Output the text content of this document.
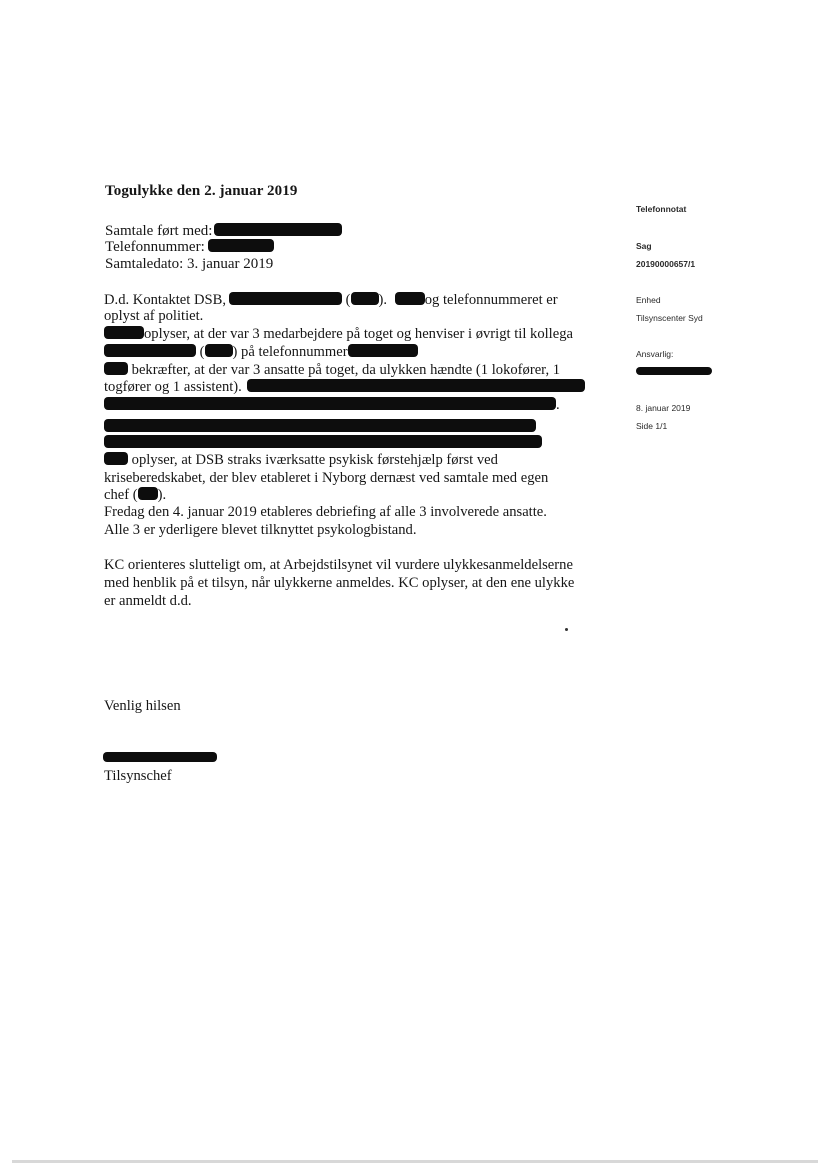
Togulykke den 2. januar 2019
Samtale ført med:
Telefonnummer:
Samtaledato: 3. januar 2019
D.d. Kontaktet DSB,	( ). og telefonnummeret er
oplyst af politiet.
oplyser, at der var 3 medarbejdere på toget og henviser i øvrigt til kollega
( ) på telefonnummer
bekræfter, at der var 3 ansatte på toget, da ulykken hændte (1 lokofører, 1
togfører og 1 assistent).
.
oplyser, at DSB straks iværksatte psykisk førstehjælp først ved
kriseberedskabet, der blev etableret i Nyborg dernæst ved samtale med egen
chef ( ).
Fredag den 4. januar 2019 etableres debriefing af alle 3 involverede ansatte.
Alle 3 er yderligere blevet tilknyttet psykologbistand.
KC orienteres slutteligt om, at Arbejdstilsynet vil vurdere ulykkesanmeldelserne
med henblik på et tilsyn, når ulykkerne anmeldes. KC oplyser, at den ene ulykke
er anmeldt d.d.
Venlig hilsen
Tilsynschef
Telefonnotat
Sag
20190000657/1
Enhed
Tilsynscenter Syd
Ansvarlig:
8. januar 2019
Side 1/1
